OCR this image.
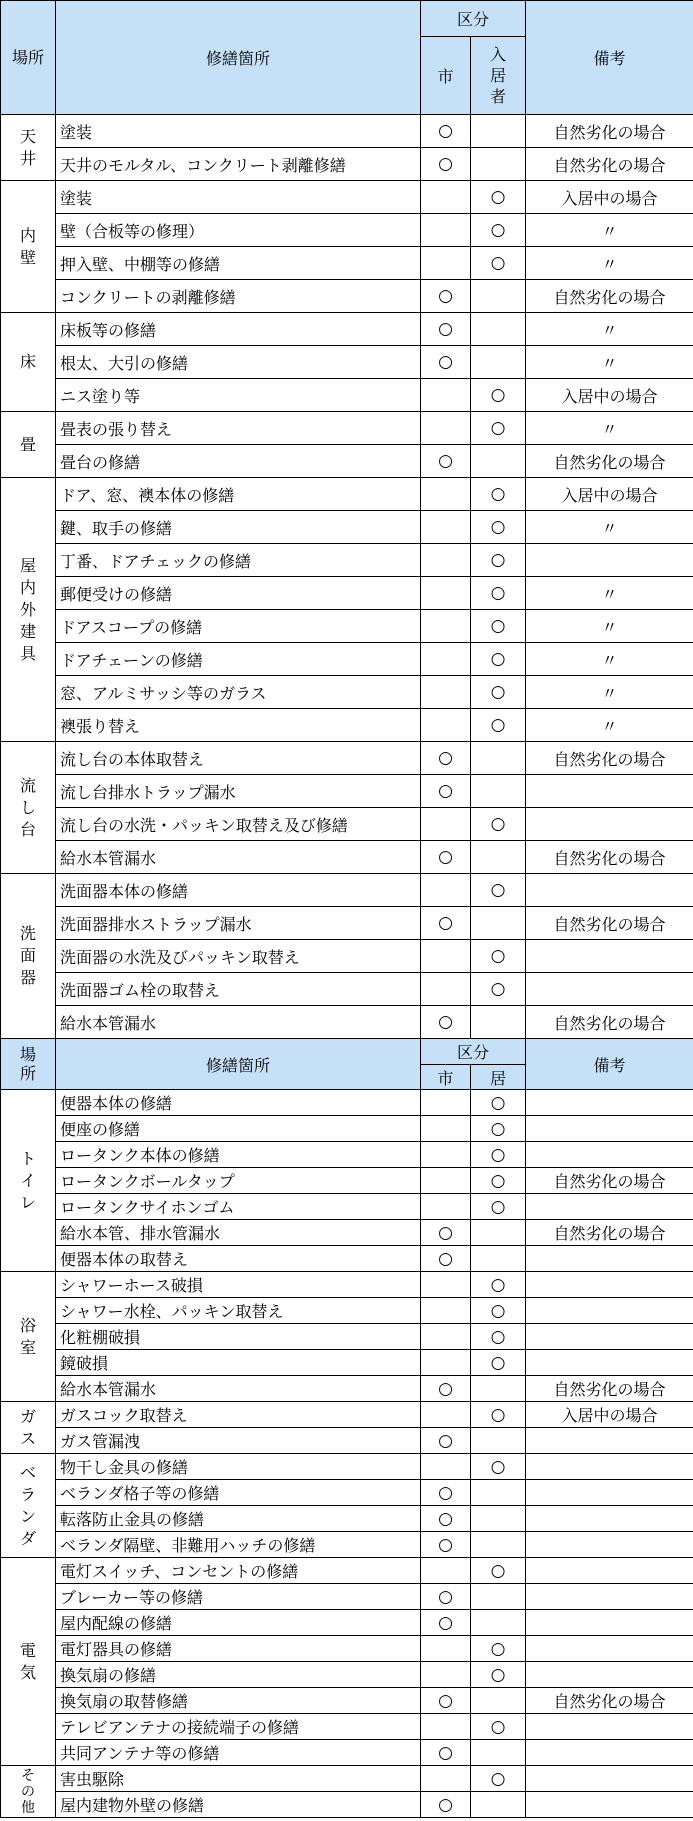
場所	修繕箇所	区分		備考
		市	入居者	
天井	塗装	○		自然劣化の場合
	天井のモルタル、コンクリート剥離修繕	○		自然劣化の場合
内壁	塗装		○	入居中の場合
	壁（合板等の修理）		○	〃
	押入壁、中棚等の修繕		○	〃
	コンクリートの剥離修繕	○		自然劣化の場合
床	床板等の修繕	○		〃
	根太、大引の修繕	○		〃
	ニス塗り等		○	入居中の場合
畳	畳表の張り替え		○	〃
	畳台の修繕	○		自然劣化の場合
屋内外建具	ドア、窓、襖本体の修繕		○	入居中の場合
	鍵、取手の修繕		○	〃
	丁番、ドアチェックの修繕		○	
	郵便受けの修繕		○	〃
	ドアスコープの修繕		○	〃
	ドアチェーンの修繕		○	〃
	窓、アルミサッシ等のガラス		○	〃
	襖張り替え		○	〃
流し台	流し台の本体取替え	○		自然劣化の場合
	流し台排水トラップ漏水	○		
	流し台の水洗・パッキン取替え及び修繕		○	
	給水本管漏水	○		自然劣化の場合
洗面器	洗面器本体の修繕		○	
	洗面器排水ストラップ漏水	○		自然劣化の場合
	洗面器の水洗及びパッキン取替え		○	
	洗面器ゴム栓の取替え		○	
	給水本管漏水	○		自然劣化の場合
場所	修繕箇所	区分		備考
		市	居	
トイレ	便器本体の修繕		○	
	便座の修繕		○	
	ロータンク本体の修繕		○	
	ロータンクボールタップ		○	自然劣化の場合
	ロータンクサイホンゴム		○	
	給水本管、排水管漏水	○		自然劣化の場合
	便器本体の取替え	○		
浴室	シャワーホース破損		○	
	シャワー水栓、パッキン取替え		○	
	化粧棚破損		○	
	鏡破損		○	
	給水本管漏水	○		自然劣化の場合
ガス	ガスコック取替え		○	入居中の場合
	ガス管漏洩	○		
ベランダ	物干し金具の修繕		○	
	ベランダ格子等の修繕	○		
	転落防止金具の修繕	○		
	ベランダ隔壁、非難用ハッチの修繕	○		
電気	電灯スイッチ、コンセントの修繕		○	
	ブレーカー等の修繕	○		
	屋内配線の修繕	○		
	電灯器具の修繕		○	
	換気扇の修繕		○	
	換気扇の取替修繕	○		自然劣化の場合
	テレビアンテナの接続端子の修繕		○	
	共同アンテナ等の修繕	○		
その他	害虫駆除		○	
	屋内建物外壁の修繕	○		
